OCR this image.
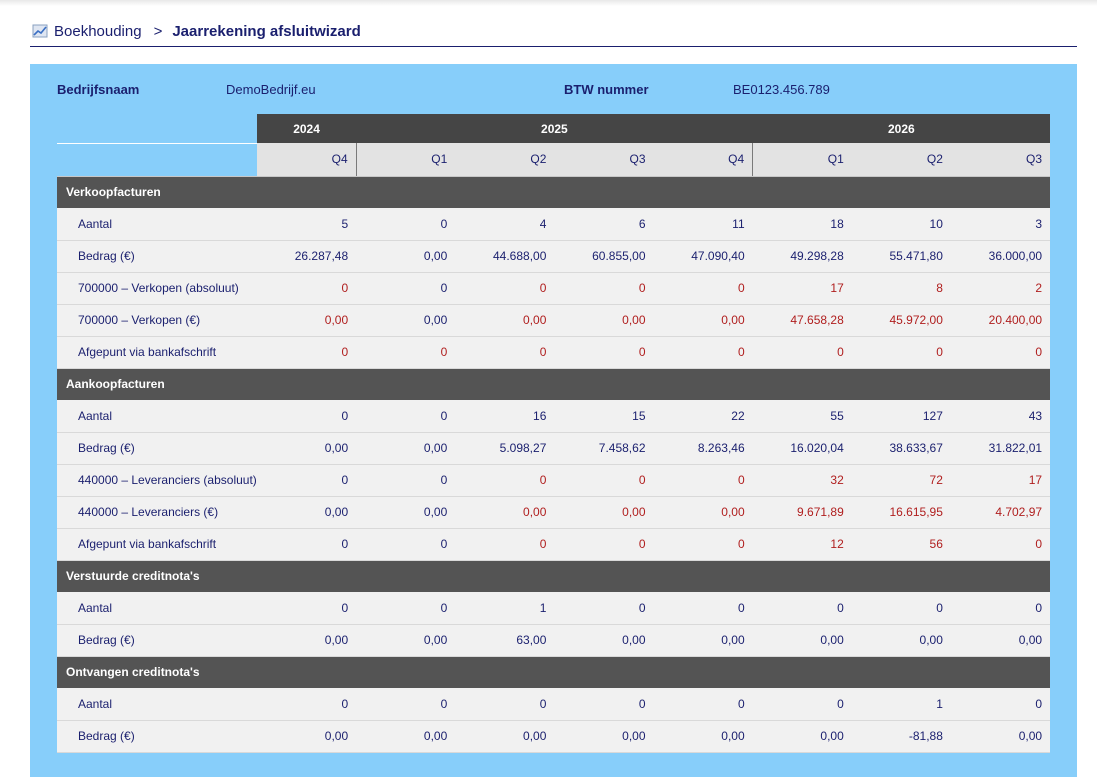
Boekhouding > Jaarrekening afsluitwizard
Bedrijfsnaam	DemoBedrijf.eu	BTW nummer	BE0123.456.789
	2024	2025				2026		
	Q4	Q1	Q2	Q3	Q4	Q1	Q2	Q3
Verkoopfacturen								
Aantal	5	0	4	6	11	18	10	3
Bedrag (€)	26.287,48	0,00	44.688,00	60.855,00	47.090,40	49.298,28	55.471,80	36.000,00
700000 – Verkopen (absoluut)	0	0	0	0	0	17	8	2
700000 – Verkopen (€)	0,00	0,00	0,00	0,00	0,00	47.658,28	45.972,00	20.400,00
Afgepunt via bankafschrift	0	0	0	0	0	0	0	0
Aankoopfacturen								
Aantal	0	0	16	15	22	55	127	43
Bedrag (€)	0,00	0,00	5.098,27	7.458,62	8.263,46	16.020,04	38.633,67	31.822,01
440000 – Leveranciers (absoluut)	0	0	0	0	0	32	72	17
440000 – Leveranciers (€)	0,00	0,00	0,00	0,00	0,00	9.671,89	16.615,95	4.702,97
Afgepunt via bankafschrift	0	0	0	0	0	12	56	0
Verstuurde creditnota's								
Aantal	0	0	1	0	0	0	0	0
Bedrag (€)	0,00	0,00	63,00	0,00	0,00	0,00	0,00	0,00
Ontvangen creditnota's								
Aantal	0	0	0	0	0	0	1	0
Bedrag (€)	0,00	0,00	0,00	0,00	0,00	0,00	-81,88	0,00
